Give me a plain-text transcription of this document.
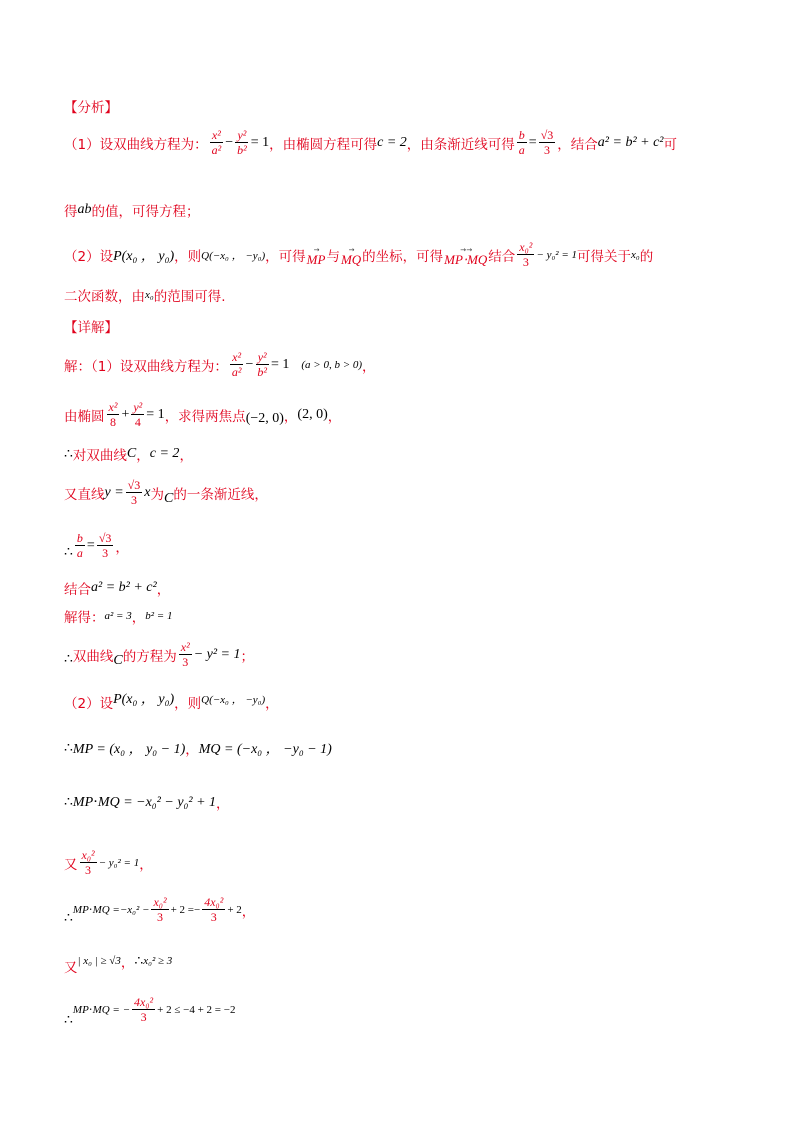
【分析】
（1）设双曲线方程为： $\frac{\text{x²}}{\text{a²}} - \frac{\text{y²}}{\text{b²}} = 1$ ，由椭圆方程可得 c = 2 ，由条渐近线可得 $\frac{b}{a} = \frac{√3}{3}$ ，结合 a² = b² + c² 可
得 ab 的值，可得方程；
（2）设 P(x₀ ， y₀) ，则 Q(−x₀ ， −y₀) ，可得 →
MP 与 →
MQ 的坐标，可得 → →
MP⋅MQ 结合 $\frac{\text{x₀²}}{3} - y_0^2 = 1$ 可得关于 x₀ 的
二次函数，由 x₀ 的范围可得.
【详解】
解：（1）设双曲线方程为： $\frac{\text{x²}}{\text{a²}} - \frac{\text{y²}}{\text{b²}} = 1$ (a > 0, b > 0) ，
由椭圆 $\frac{\text{x²}}{8} + \frac{\text{y²}}{4} = 1$ ，求得两焦点 (−2, 0) ， (2, 0) ，
∴ 对双曲线 C ， c = 2 ，
又直线 $y = \frac{√3}{3}$ x 为 C 的一条渐近线，
∴ $\frac{b}{a} = \frac{√3}{3}$ ，
结合 a² = b² + c² ，
解得： a² = 3 ， b² = 1
∴ 双曲线 C 的方程为 $\frac{\text{x²}}{3} - y^2 = 1$ ；
（2）设 P(x₀ ， y₀) ，则 Q(−x₀ ， −y₀) ，
∴ MP = (x₀ ， y₀ − 1) ， MQ = (−x₀ ， −y₀ − 1)
∴ MP⋅MQ = −x₀² − y₀² + 1 ，
又 $\frac{\text{x₀²}}{3} - y_0^2 = 1$ ，
∴
$MP\cdot MQ = -x_0^2 - \frac{\text{x₀²}}{3} + 2$ = − $\frac{\text{4x₀²}}{3} + 2$ ，
又 | x₀ | ≥ √3 ， ∴ x₀² ≥ 3
∴
MP⋅MQ = − $\frac{\text{4x₀²}}{3} + 2 \le -4 + 2 = -2$
